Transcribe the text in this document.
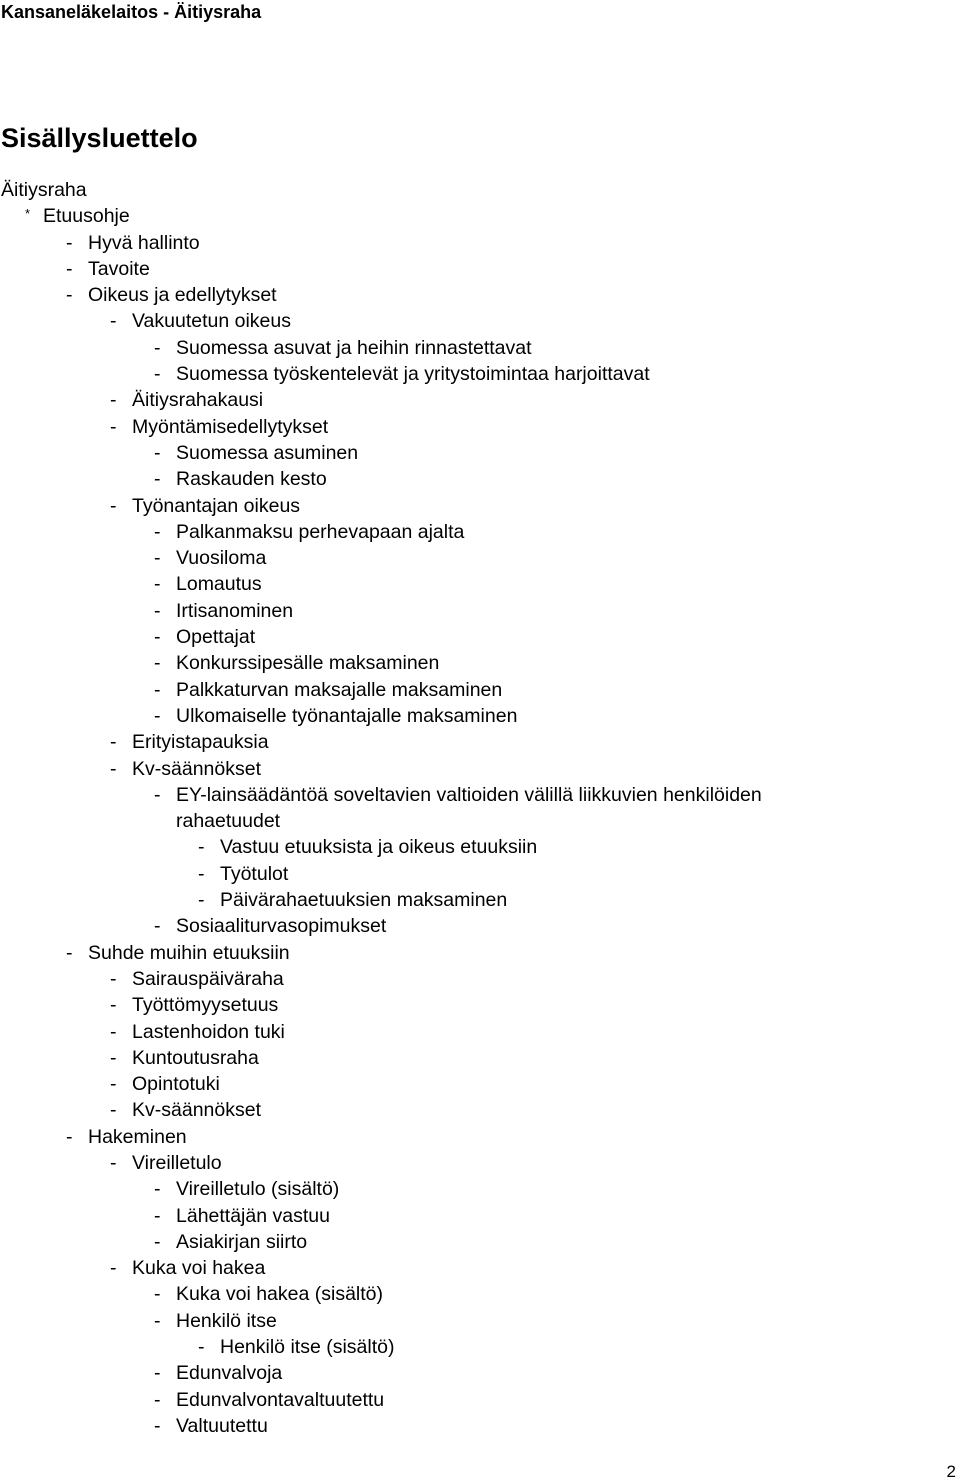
Kansaneläkelaitos - Äitiysraha
Sisällysluettelo
Äitiysraha
* Etuusohje
- Hyvä hallinto
- Tavoite
- Oikeus ja edellytykset
- Vakuutetun oikeus
- Suomessa asuvat ja heihin rinnastettavat
- Suomessa työskentelevät ja yritystoimintaa harjoittavat
- Äitiysrahakausi
- Myöntämisedellytykset
- Suomessa asuminen
- Raskauden kesto
- Työnantajan oikeus
- Palkanmaksu perhevapaan ajalta
- Vuosiloma
- Lomautus
- Irtisanominen
- Opettajat
- Konkurssipesälle maksaminen
- Palkkaturvan maksajalle maksaminen
- Ulkomaiselle työnantajalle maksaminen
- Erityistapauksia
- Kv-säännökset
- EY-lainsäädäntöä soveltavien valtioiden välillä liikkuvien henkilöiden
rahaetuudet
- Vastuu etuuksista ja oikeus etuuksiin
- Työtulot
- Päivärahaetuuksien maksaminen
- Sosiaaliturvasopimukset
- Suhde muihin etuuksiin
- Sairauspäiväraha
- Työttömyysetuus
- Lastenhoidon tuki
- Kuntoutusraha
- Opintotuki
- Kv-säännökset
- Hakeminen
- Vireilletulo
- Vireilletulo (sisältö)
- Lähettäjän vastuu
- Asiakirjan siirto
- Kuka voi hakea
- Kuka voi hakea (sisältö)
- Henkilö itse
- Henkilö itse (sisältö)
- Edunvalvoja
- Edunvalvontavaltuutettu
- Valtuutettu
2
